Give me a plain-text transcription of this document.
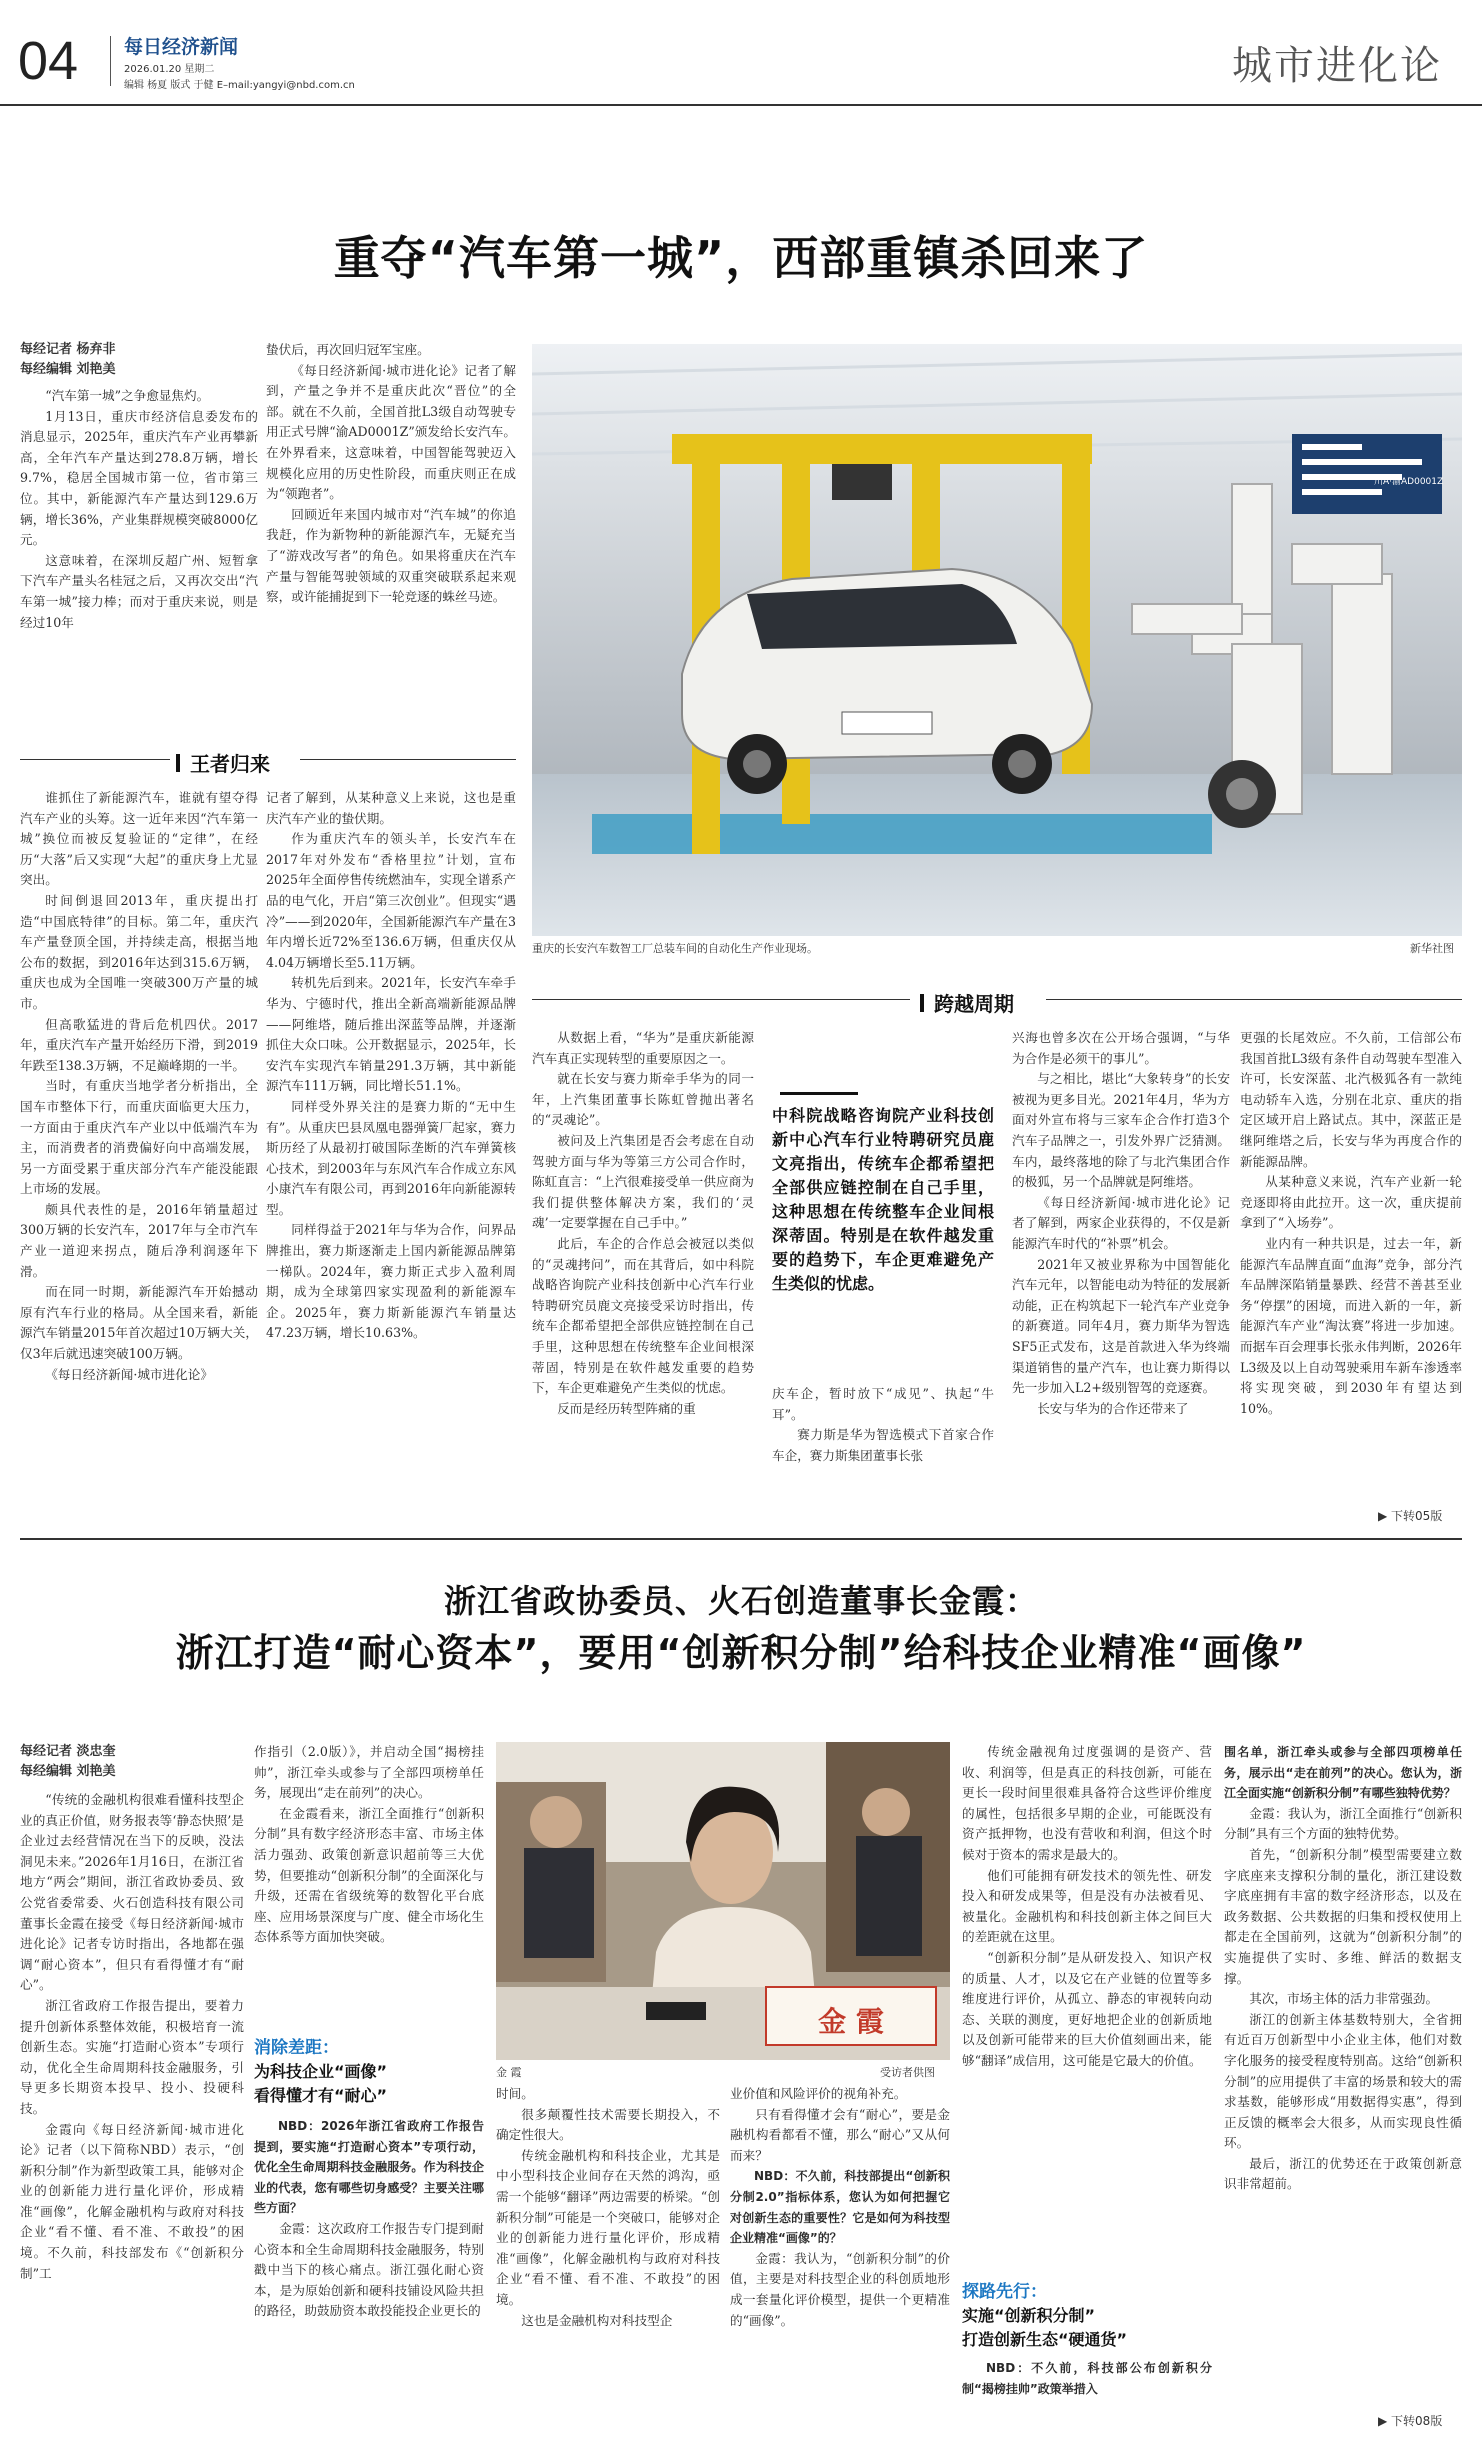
04 每日经济新闻
2026.01.20 星期二
编辑 杨夏 版式 于健 E–mail:yangyi@nbd.com.cn	城市进化论
重夺“汽车第一城”，西部重镇杀回来了
每经记者 杨弃非
每经编辑 刘艳美

“汽车第一城”之争愈显焦灼。

1月13日，重庆市经济信息委发布的消息显示，2025年，重庆汽车产业再攀新高，全年汽车产量达到278.8万辆，增长9.7%，稳居全国城市第一位，省市第三位。其中，新能源汽车产量达到129.6万辆，增长36%，产业集群规模突破8000亿元。

这意味着，在深圳反超广州、短暂拿下汽车产量头名桂冠之后，又再次交出“汽车第一城”接力棒；而对于重庆来说，则是经过10年

蛰伏后，再次回归冠军宝座。

《每日经济新闻·城市进化论》记者了解到，产量之争并不是重庆此次“晋位”的全部。就在不久前，全国首批L3级自动驾驶专用正式号牌“渝AD0001Z”颁发给长安汽车。在外界看来，这意味着，中国智能驾驶迈入规模化应用的历史性阶段，而重庆则正在成为“领跑者”。

回顾近年来国内城市对“汽车城”的你追我赶，作为新物种的新能源汽车，无疑充当了“游戏改写者”的角色。如果将重庆在汽车产量与智能驾驶领域的双重突破联系起来观察，或许能捕捉到下一轮竞逐的蛛丝马迹。

川A·渝AD0001Z
重庆的长安汽车数智工厂总装车间的自动化生产作业现场。	新华社图
王者归来

谁抓住了新能源汽车，谁就有望夺得汽车产业的头筹。这一近年来因“汽车第一城”换位而被反复验证的“定律”，在经历“大落”后又实现“大起”的重庆身上尤显突出。

时间倒退回2013年，重庆提出打造“中国底特律”的目标。第二年，重庆汽车产量登顶全国，并持续走高，根据当地公布的数据，到2016年达到315.6万辆，重庆也成为全国唯一突破300万产量的城市。

但高歌猛进的背后危机四伏。2017年，重庆汽车产量开始经历下滑，到2019年跌至138.3万辆，不足巅峰期的一半。

当时，有重庆当地学者分析指出，全国车市整体下行，而重庆面临更大压力，一方面由于重庆汽车产业以中低端汽车为主，而消费者的消费偏好向中高端发展，另一方面受累于重庆部分汽车产能没能跟上市场的发展。

颇具代表性的是，2016年销量超过300万辆的长安汽车，2017年与全市汽车产业一道迎来拐点，随后净利润逐年下滑。

而在同一时期，新能源汽车开始撼动原有汽车行业的格局。从全国来看，新能源汽车销量2015年首次超过10万辆大关，仅3年后就迅速突破100万辆。

《每日经济新闻·城市进化论》

记者了解到，从某种意义上来说，这也是重庆汽车产业的蛰伏期。

作为重庆汽车的领头羊，长安汽车在2017年对外发布“香格里拉”计划，宣布2025年全面停售传统燃油车，实现全谱系产品的电气化，开启“第三次创业”。但现实“遇冷”——到2020年，全国新能源汽车产量在3年内增长近72%至136.6万辆，但重庆仅从4.04万辆增长至5.11万辆。

转机先后到来。2021年，长安汽车牵手华为、宁德时代，推出全新高端新能源品牌——阿维塔，随后推出深蓝等品牌，并逐渐抓住大众口味。公开数据显示，2025年，长安汽车实现汽车销量291.3万辆，其中新能源汽车111万辆，同比增长51.1%。

同样受外界关注的是赛力斯的“无中生有”。从重庆巴县凤凰电器弹簧厂起家，赛力斯历经了从最初打破国际垄断的汽车弹簧核心技术，到2003年与东风汽车合作成立东风小康汽车有限公司，再到2016年向新能源转型。

同样得益于2021年与华为合作，问界品牌推出，赛力斯逐渐走上国内新能源品牌第一梯队。2024年，赛力斯正式步入盈利周期，成为全球第四家实现盈利的新能源车企。2025年，赛力斯新能源汽车销量达47.23万辆，增长10.63%。

跨越周期

从数据上看，“华为”是重庆新能源汽车真正实现转型的重要原因之一。

就在长安与赛力斯牵手华为的同一年，上汽集团董事长陈虹曾抛出著名的“灵魂论”。

被问及上汽集团是否会考虑在自动驾驶方面与华为等第三方公司合作时，陈虹直言：“上汽很难接受单一供应商为我们提供整体解决方案，我们的‘灵魂’一定要掌握在自己手中。”

此后，车企的合作总会被冠以类似的“灵魂拷问”，而在其背后，如中科院战略咨询院产业科技创新中心汽车行业特聘研究员鹿文亮接受采访时指出，传统车企都希望把全部供应链控制在自己手里，这种思想在传统整车企业间根深蒂固，特别是在软件越发重要的趋势下，车企更难避免产生类似的忧虑。

反而是经历转型阵痛的重

中科院战略咨询院产业科技创新中心汽车行业特聘研究员鹿文亮指出，传统车企都希望把全部供应链控制在自己手里，这种思想在传统整车企业间根深蒂固。特别是在软件越发重要的趋势下，车企更难避免产生类似的忧虑。

庆车企，暂时放下“成见”、执起“牛耳”。

赛力斯是华为智选模式下首家合作车企，赛力斯集团董事长张

兴海也曾多次在公开场合强调，“与华为合作是必须干的事儿”。

与之相比，堪比“大象转身”的长安被视为更多目光。2021年4月，华为方面对外宣布将与三家车企合作打造3个汽车子品牌之一，引发外界广泛猜测。车内，最终落地的除了与北汽集团合作的极狐，另一个品牌就是阿维塔。

《每日经济新闻·城市进化论》记者了解到，两家企业获得的，不仅是新能源汽车时代的“补票”机会。

2021年又被业界称为中国智能化汽车元年，以智能电动为特征的发展新动能，正在构筑起下一轮汽车产业竞争的新赛道。同年4月，赛力斯华为智选SF5正式发布，这是首款进入华为终端渠道销售的量产汽车，也让赛力斯得以先一步加入L2+级别智驾的竞逐赛。

长安与华为的合作还带来了

更强的长尾效应。不久前，工信部公布我国首批L3级有条件自动驾驶车型准入许可，长安深蓝、北汽极狐各有一款纯电动轿车入选，分别在北京、重庆的指定区域开启上路试点。其中，深蓝正是继阿维塔之后，长安与华为再度合作的新能源品牌。

从某种意义来说，汽车产业新一轮竞逐即将由此拉开。这一次，重庆提前拿到了“入场券”。

业内有一种共识是，过去一年，新能源汽车品牌直面“血海”竞争，部分汽车品牌深陷销量暴跌、经营不善甚至业务“停摆”的困境，而进入新的一年，新能源汽车产业“淘汰赛”将进一步加速。而据车百会理事长张永伟判断，2026年L3级及以上自动驾驶乘用车新车渗透率将实现突破，到2030年有望达到10%。

▶ 下转05版
浙江省政协委员、火石创造董事长金霞：
浙江打造“耐心资本”，要用“创新积分制”给科技企业精准“画像”
每经记者 淡忠奎
每经编辑 刘艳美

“传统的金融机构很难看懂科技型企业的真正价值，财务报表等‘静态快照’是企业过去经营情况在当下的反映，没法洞见未来。”2026年1月16日，在浙江省地方“两会”期间，浙江省政协委员、致公党省委常委、火石创造科技有限公司董事长金霞在接受《每日经济新闻·城市进化论》记者专访时指出，各地都在强调“耐心资本”，但只有看得懂才有“耐心”。

浙江省政府工作报告提出，要着力提升创新体系整体效能，积极培育一流创新生态。实施“打造耐心资本”专项行动，优化全生命周期科技金融服务，引导更多长期资本投早、投小、投硬科技。

金霞向《每日经济新闻·城市进化论》记者（以下简称NBD）表示，“创新积分制”作为新型政策工具，能够对企业的创新能力进行量化评价，形成精准“画像”，化解金融机构与政府对科技企业“看不懂、看不准、不敢投”的困境。不久前，科技部发布《“创新积分制”工

作指引（2.0版）》，并启动全国“揭榜挂帅”，浙江牵头或参与了全部四项榜单任务，展现出“走在前列”的决心。

在金霞看来，浙江全面推行“创新积分制”具有数字经济形态丰富、市场主体活力强劲、政策创新意识超前等三大优势，但要推动“创新积分制”的全面深化与升级，还需在省级统筹的数智化平台底座、应用场景深度与广度、健全市场化生态体系等方面加快突破。

消除差距：
为科技企业“画像”
看得懂才有“耐心”

NBD：2026年浙江省政府工作报告提到，要实施“打造耐心资本”专项行动，优化全生命周期科技金融服务。作为科技企业的代表，您有哪些切身感受？主要关注哪些方面？

金霞：这次政府工作报告专门提到耐心资本和全生命周期科技金融服务，特别戳中当下的核心痛点。浙江强化耐心资本，是为原始创新和硬科技铺设风险共担的路径，助鼓励资本敢投能投企业更长的

金 霞
金 霞	受访者供图

时间。

很多颠覆性技术需要长期投入，不确定性很大。

传统金融机构和科技企业，尤其是中小型科技企业间存在天然的鸿沟，亟需一个能够“翻译”两边需要的桥梁。“创新积分制”可能是一个突破口，能够对企业的创新能力进行量化评价，形成精准“画像”，化解金融机构与政府对科技企业“看不懂、看不准、不敢投”的困境。

这也是金融机构对科技型企

业价值和风险评价的视角补充。

只有看得懂才会有“耐心”，要是金融机构看都看不懂，那么“耐心”又从何而来？

NBD：不久前，科技部提出“创新积分制2.0”指标体系，您认为如何把握它对创新生态的重要性？它是如何为科技型企业精准“画像”的？

金霞：我认为，“创新积分制”的价值，主要是对科技型企业的科创质地形成一套量化评价模型，提供一个更精准的“画像”。

传统金融视角过度强调的是资产、营收、利润等，但是真正的科技创新，可能在更长一段时间里很难具备符合这些评价维度的属性，包括很多早期的企业，可能既没有资产抵押物，也没有营收和利润，但这个时候对于资本的需求是最大的。

他们可能拥有研发技术的领先性、研发投入和研发成果等，但是没有办法被看见、被量化。金融机构和科技创新主体之间巨大的差距就在这里。

“创新积分制”是从研发投入、知识产权的质量、人才，以及它在产业链的位置等多维度进行评价，从孤立、静态的审视转向动态、关联的测度，更好地把企业的创新质地以及创新可能带来的巨大价值刻画出来，能够“翻译”成信用，这可能是它最大的价值。

探路先行：
实施“创新积分制”
打造创新生态“硬通货”

NBD：不久前，科技部公布创新积分制“揭榜挂帅”政策举措入

围名单，浙江牵头或参与全部四项榜单任务，展示出“走在前列”的决心。您认为，浙江全面实施“创新积分制”有哪些独特优势？

金霞：我认为，浙江全面推行“创新积分制”具有三个方面的独特优势。

首先，“创新积分制”模型需要建立数字底座来支撑积分制的量化，浙江建设数字底座拥有丰富的数字经济形态，以及在政务数据、公共数据的归集和授权使用上都走在全国前列，这就为“创新积分制”的实施提供了实时、多维、鲜活的数据支撑。

其次，市场主体的活力非常强劲。

浙江的创新主体基数特别大，全省拥有近百万创新型中小企业主体，他们对数字化服务的接受程度特别高。这给“创新积分制”的应用提供了丰富的场景和较大的需求基数，能够形成“用数据得实惠”，得到正反馈的概率会大很多，从而实现良性循环。

最后，浙江的优势还在于政策创新意识非常超前。

▶ 下转08版
